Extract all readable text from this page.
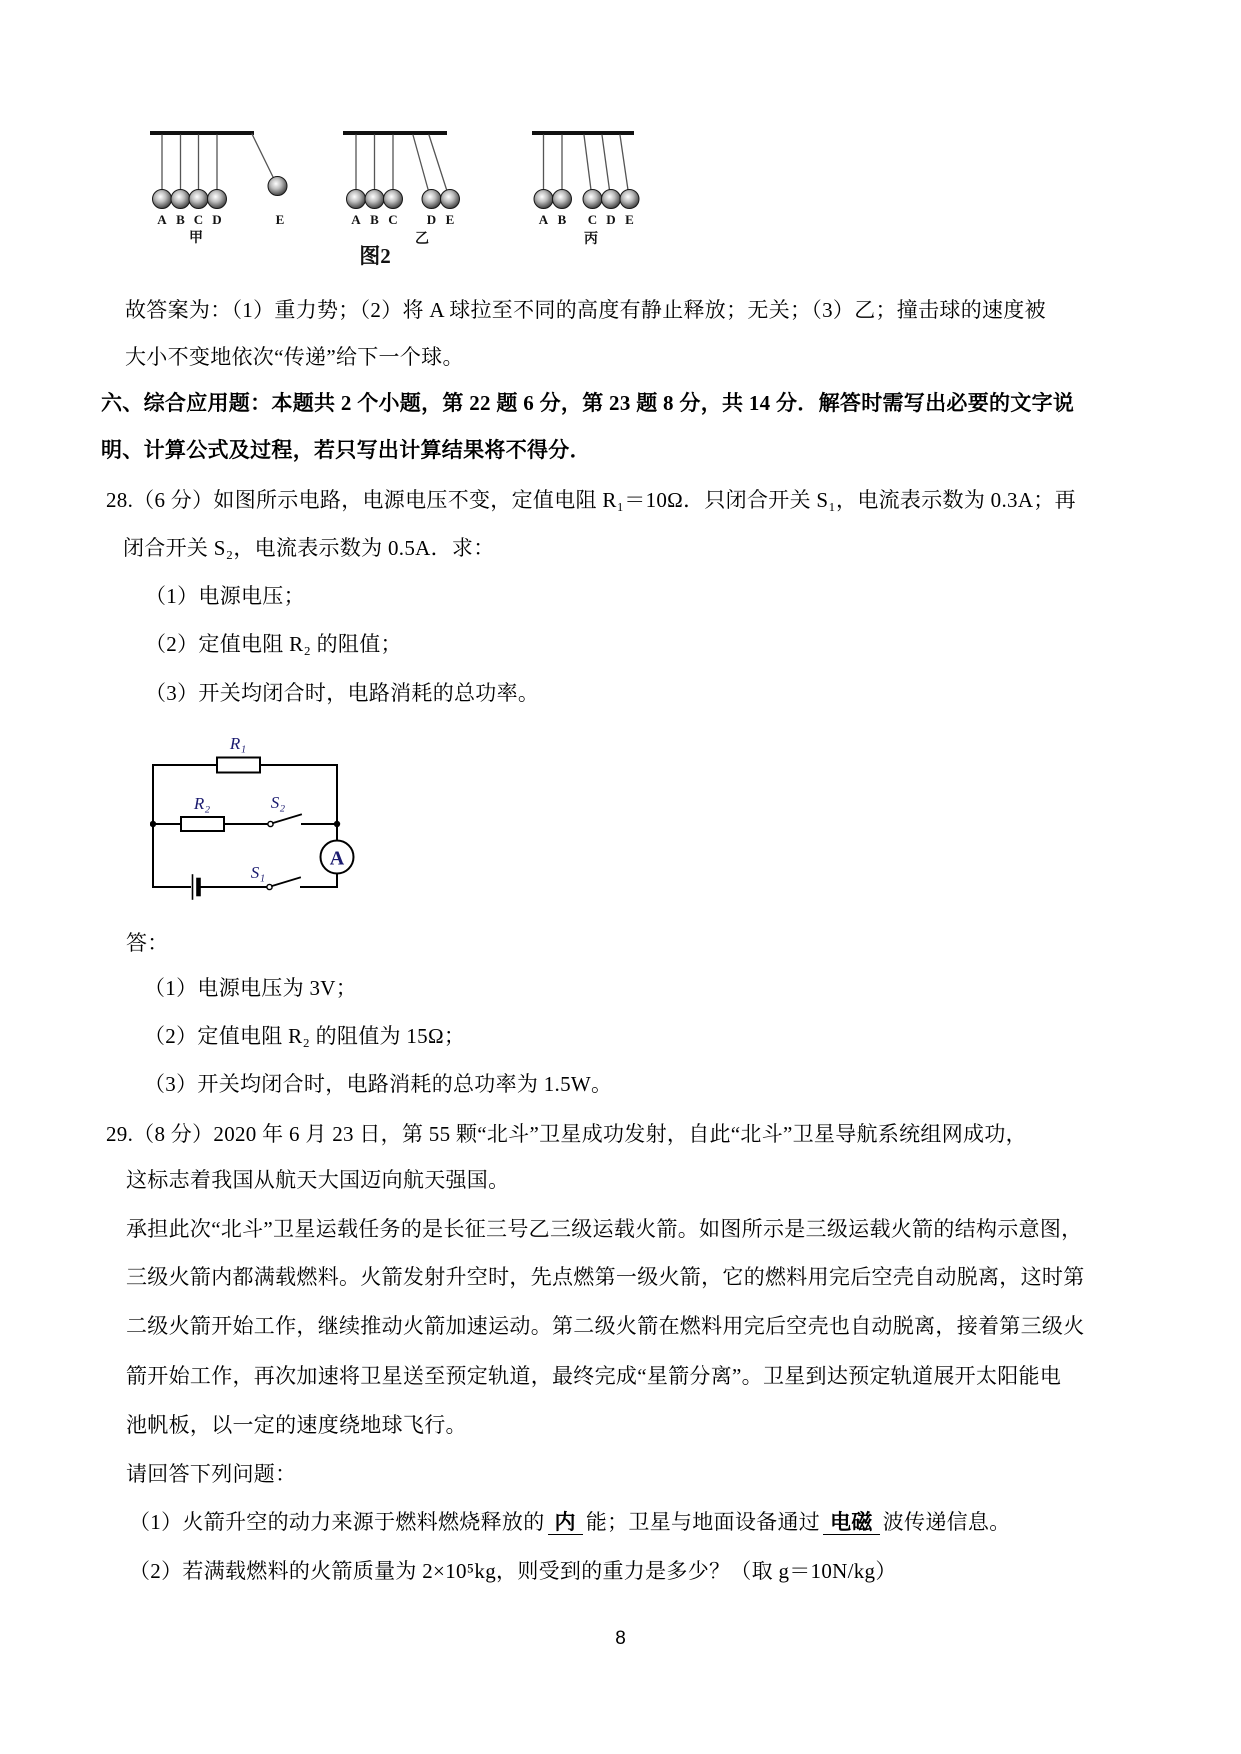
A B C D	E
甲
A B C D E
乙
图2
A B C D E
丙
故答案为：（1）重力势；（2）将 A 球拉至不同的高度有静止释放；无关；（3）乙；撞击球的速度被
大小不变地依次“传递”给下一个球。
六、综合应用题：本题共 2 个小题，第 22 题 6 分，第 23 题 8 分，共 14 分．解答时需写出必要的文字说
明、计算公式及过程，若只写出计算结果将不得分．
28.（6 分）如图所示电路，电源电压不变，定值电阻 R₁＝10Ω．只闭合开关 S₁，电流表示数为 0.3A；再
闭合开关 S₂，电流表示数为 0.5A．求：
（1）电源电压；
（2）定值电阻 R₂ 的阻值；
（3）开关均闭合时，电路消耗的总功率。
R₁
R₂	S₂
S₁
A
答：
（1）电源电压为 3V；
（2）定值电阻 R₂ 的阻值为 15Ω；
（3）开关均闭合时，电路消耗的总功率为 1.5W。
29.（8 分）2020 年 6 月 23 日，第 55 颗“北斗”卫星成功发射，自此“北斗”卫星导航系统组网成功，
这标志着我国从航天大国迈向航天强国。
承担此次“北斗”卫星运载任务的是长征三号乙三级运载火箭。如图所示是三级运载火箭的结构示意图，
三级火箭内都满载燃料。火箭发射升空时，先点燃第一级火箭，它的燃料用完后空壳自动脱离，这时第
二级火箭开始工作，继续推动火箭加速运动。第二级火箭在燃料用完后空壳也自动脱离，接着第三级火
箭开始工作，再次加速将卫星送至预定轨道，最终完成“星箭分离”。卫星到达预定轨道展开太阳能电
池帆板，以一定的速度绕地球飞行。
请回答下列问题：
（1）火箭升空的动力来源于燃料燃烧释放的 内 能；卫星与地面设备通过 电磁 波传递信息。
（2）若满载燃料的火箭质量为 2×10⁵kg，则受到的重力是多少？（取 g＝10N/kg）
8
